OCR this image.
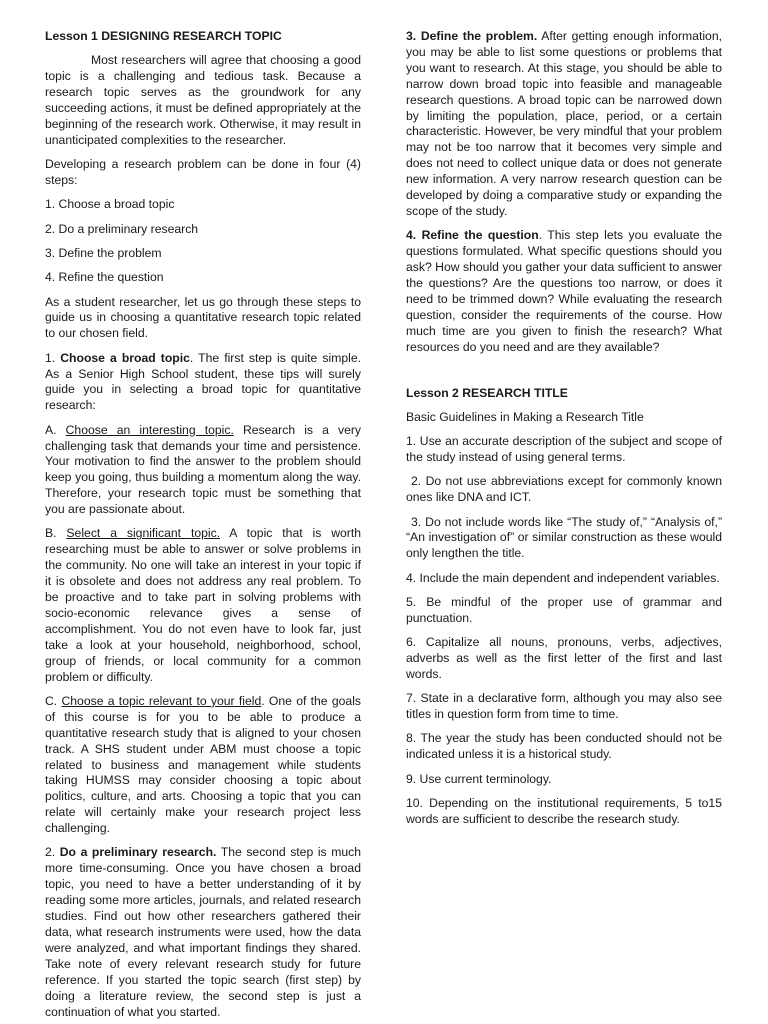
Lesson 1 DESIGNING RESEARCH TOPIC

Most researchers will agree that choosing a good topic is a challenging and tedious task. Because a research topic serves as the groundwork for any succeeding actions, it must be defined appropriately at the beginning of the research work. Otherwise, it may result in unanticipated complexities to the researcher.

Developing a research problem can be done in four (4) steps:

1. Choose a broad topic

2. Do a preliminary research

3. Define the problem

4. Refine the question

As a student researcher, let us go through these steps to guide us in choosing a quantitative research topic related to our chosen field.

1. Choose a broad topic. The first step is quite simple. As a Senior High School student, these tips will surely guide you in selecting a broad topic for quantitative research:

A. Choose an interesting topic. Research is a very challenging task that demands your time and persistence. Your motivation to find the answer to the problem should keep you going, thus building a momentum along the way. Therefore, your research topic must be something that you are passionate about.

B. Select a significant topic. A topic that is worth researching must be able to answer or solve problems in the community. No one will take an interest in your topic if it is obsolete and does not address any real problem. To be proactive and to take part in solving problems with socio-economic relevance gives a sense of accomplishment. You do not even have to look far, just take a look at your household, neighborhood, school, group of friends, or local community for a common problem or difficulty.

C. Choose a topic relevant to your field. One of the goals of this course is for you to be able to produce a quantitative research study that is aligned to your chosen track. A SHS student under ABM must choose a topic related to business and management while students taking HUMSS may consider choosing a topic about politics, culture, and arts. Choosing a topic that you can relate will certainly make your research project less challenging.

2. Do a preliminary research. The second step is much more time-consuming. Once you have chosen a broad topic, you need to have a better understanding of it by reading some more articles, journals, and related research studies. Find out how other researchers gathered their data, what research instruments were used, how the data were analyzed, and what important findings they shared. Take note of every relevant research study for future reference. If you started the topic search (first step) by doing a literature review, the second step is just a continuation of what you started.

3. Define the problem. After getting enough information, you may be able to list some questions or problems that you want to research. At this stage, you should be able to narrow down broad topic into feasible and manageable research questions. A broad topic can be narrowed down by limiting the population, place, period, or a certain characteristic. However, be very mindful that your problem may not be too narrow that it becomes very simple and does not need to collect unique data or does not generate new information. A very narrow research question can be developed by doing a comparative study or expanding the scope of the study.

4. Refine the question. This step lets you evaluate the questions formulated. What specific questions should you ask? How should you gather your data sufficient to answer the questions? Are the questions too narrow, or does it need to be trimmed down? While evaluating the research question, consider the requirements of the course. How much time are you given to finish the research? What resources do you need and are they available?

Lesson 2 RESEARCH TITLE

Basic Guidelines in Making a Research Title

1. Use an accurate description of the subject and scope of the study instead of using general terms.

2. Do not use abbreviations except for commonly known ones like DNA and ICT.

3. Do not include words like “The study of,” “Analysis of,” “An investigation of” or similar construction as these would only lengthen the title.

4. Include the main dependent and independent variables.

5. Be mindful of the proper use of grammar and punctuation.

6. Capitalize all nouns, pronouns, verbs, adjectives, adverbs as well as the first letter of the first and last words.

7. State in a declarative form, although you may also see titles in question form from time to time.

8. The year the study has been conducted should not be indicated unless it is a historical study.

9. Use current terminology.

10. Depending on the institutional requirements, 5 to15 words are sufficient to describe the research study.
